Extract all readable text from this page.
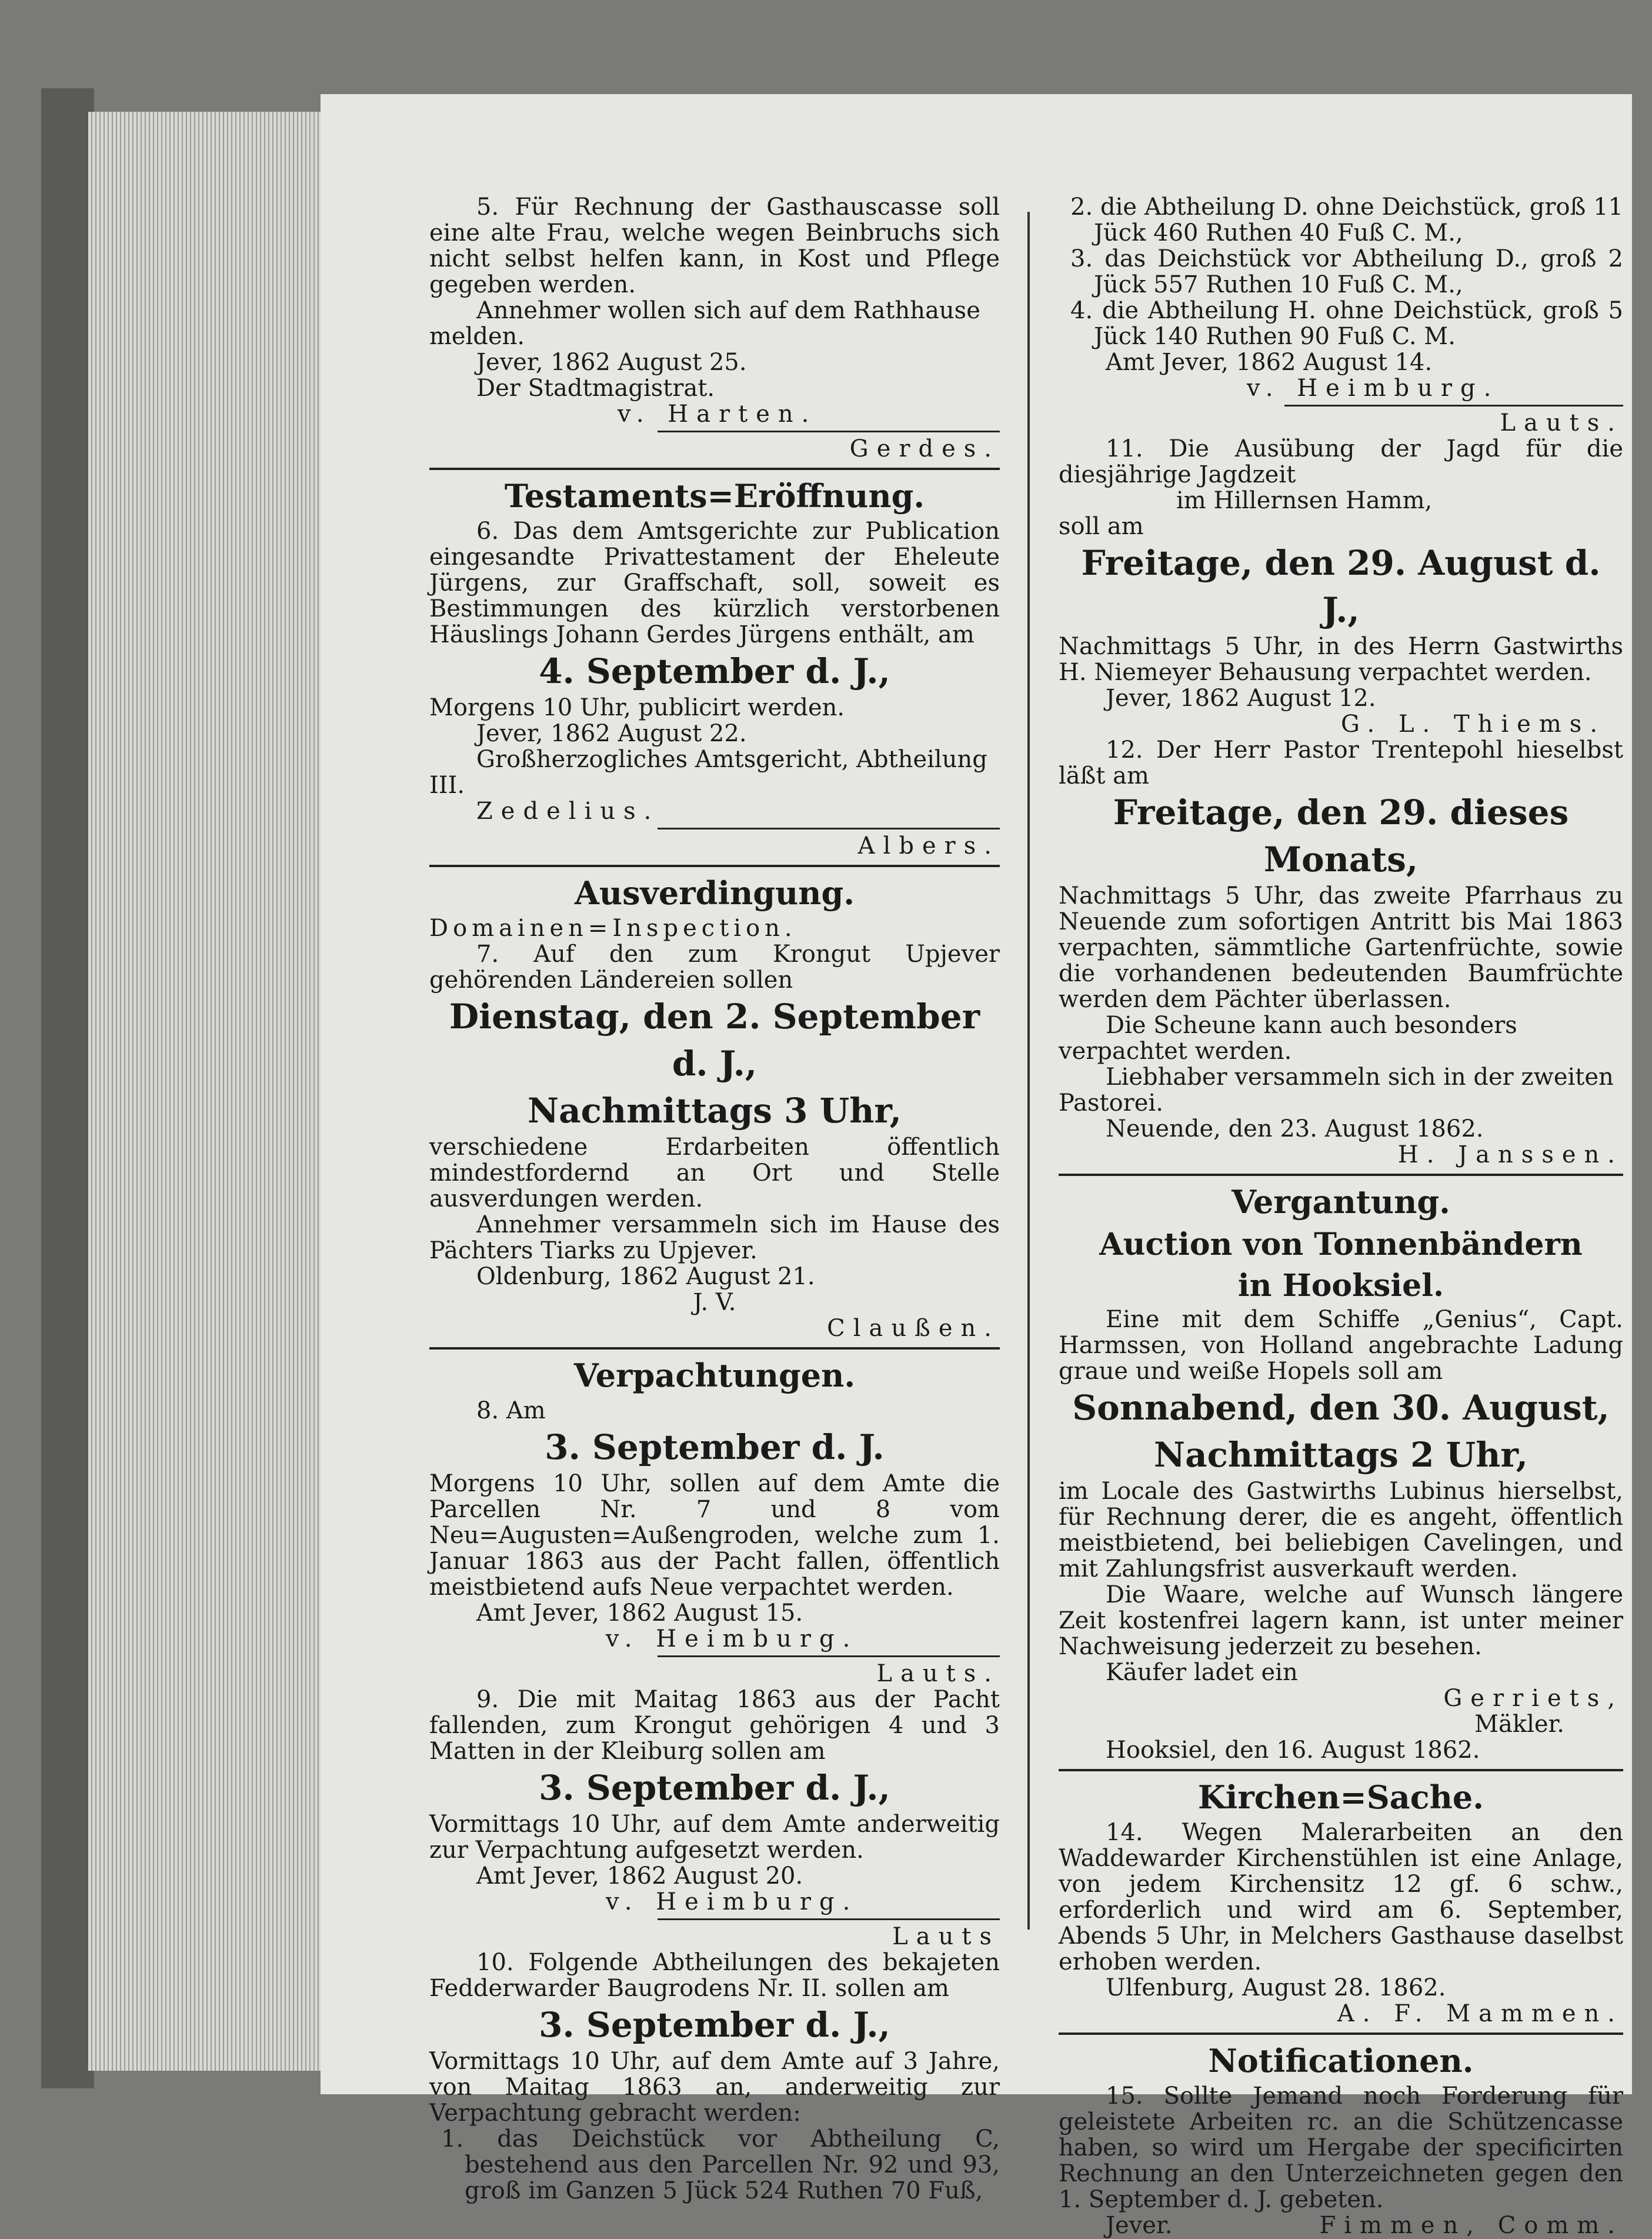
5. Für Rechnung der Gasthauscasse soll eine alte Frau, welche wegen Beinbruchs sich nicht selbst helfen kann, in Kost und Pflege gegeben werden.

Annehmer wollen sich auf dem Rathhause melden.

Jever, 1862 August 25.

Der Stadtmagistrat.

v. Harten.

Gerdes.

Testaments=Eröffnung.

6. Das dem Amtsgerichte zur Publication eingesandte Privattestament der Eheleute Jürgens, zur Graffschaft, soll, soweit es Bestimmungen des kürzlich verstorbenen Häuslings Johann Gerdes Jürgens enthält, am

4. September d. J.,

Morgens 10 Uhr, publicirt werden.

Jever, 1862 August 22.

Großherzogliches Amtsgericht, Abtheilung III.

Zedelius.

Albers.

Ausverdingung.

Domainen=Inspection.

7. Auf den zum Krongut Upjever gehörenden Ländereien sollen

Dienstag, den 2. September d. J.,

Nachmittags 3 Uhr,

verschiedene Erdarbeiten öffentlich mindestfordernd an Ort und Stelle ausverdungen werden.

Annehmer versammeln sich im Hause des Pächters Tiarks zu Upjever.

Oldenburg, 1862 August 21.

J. V.

Claußen.

Verpachtungen.

8. Am

3. September d. J.

Morgens 10 Uhr, sollen auf dem Amte die Parcellen Nr. 7 und 8 vom Neu=Augusten=Außengroden, welche zum 1. Januar 1863 aus der Pacht fallen, öffentlich meistbietend aufs Neue verpachtet werden.

Amt Jever, 1862 August 15.

v. Heimburg.

Lauts.

9. Die mit Maitag 1863 aus der Pacht fallenden, zum Krongut gehörigen 4 und 3 Matten in der Kleiburg sollen am

3. September d. J.,

Vormittags 10 Uhr, auf dem Amte anderweitig zur Verpachtung aufgesetzt werden.

Amt Jever, 1862 August 20.

v. Heimburg.

Lauts

10. Folgende Abtheilungen des bekajeten Fedderwarder Baugrodens Nr. II. sollen am

3. September d. J.,

Vormittags 10 Uhr, auf dem Amte auf 3 Jahre, von Maitag 1863 an, anderweitig zur Verpachtung gebracht werden:

1. das Deichstück vor Abtheilung C, bestehend aus den Parcellen Nr. 92 und 93, groß im Ganzen 5 Jück 524 Ruthen 70 Fuß,

2. die Abtheilung D. ohne Deichstück, groß 11 Jück 460 Ruthen 40 Fuß C. M.,

3. das Deichstück vor Abtheilung D., groß 2 Jück 557 Ruthen 10 Fuß C. M.,

4. die Abtheilung H. ohne Deichstück, groß 5 Jück 140 Ruthen 90 Fuß C. M.

Amt Jever, 1862 August 14.

v. Heimburg.

Lauts.

11. Die Ausübung der Jagd für die diesjährige Jagdzeit

im Hillernsen Hamm,

soll am

Freitage, den 29. August d. J.,

Nachmittags 5 Uhr, in des Herrn Gastwirths H. Niemeyer Behausung verpachtet werden.

Jever, 1862 August 12.

G. L. Thiems.

12. Der Herr Pastor Trentepohl hieselbst läßt am

Freitage, den 29. dieses Monats,

Nachmittags 5 Uhr, das zweite Pfarrhaus zu Neuende zum sofortigen Antritt bis Mai 1863 verpachten, sämmtliche Gartenfrüchte, sowie die vorhandenen bedeutenden Baumfrüchte werden dem Pächter überlassen.

Die Scheune kann auch besonders verpachtet werden.

Liebhaber versammeln sich in der zweiten Pastorei.

Neuende, den 23. August 1862.

H. Janssen.

Vergantung.

Auction von Tonnenbändern

in Hooksiel.

Eine mit dem Schiffe „Genius“, Capt. Harmssen, von Holland angebrachte Ladung graue und weiße Hopels soll am

Sonnabend, den 30. August,

Nachmittags 2 Uhr,

im Locale des Gastwirths Lubinus hierselbst, für Rechnung derer, die es angeht, öffentlich meistbietend, bei beliebigen Cavelingen, und mit Zahlungsfrist ausverkauft werden.

Die Waare, welche auf Wunsch längere Zeit kostenfrei lagern kann, ist unter meiner Nachweisung jederzeit zu besehen.

Käufer ladet ein

Gerriets,

Mäkler.

Hooksiel, den 16. August 1862.

Kirchen=Sache.

14. Wegen Malerarbeiten an den Waddewarder Kirchenstühlen ist eine Anlage, von jedem Kirchensitz 12 gf. 6 schw., erforderlich und wird am 6. September, Abends 5 Uhr, in Melchers Gasthause daselbst erhoben werden.

Ulfenburg, August 28. 1862.

A. F. Mammen.

Notificationen.

15. Sollte Jemand noch Forderung für geleistete Arbeiten rc. an die Schützencasse haben, so wird um Hergabe der specificirten Rechnung an den Unterzeichneten gegen den 1. September d. J. gebeten.

Jever.	Fimmen, Comm.
